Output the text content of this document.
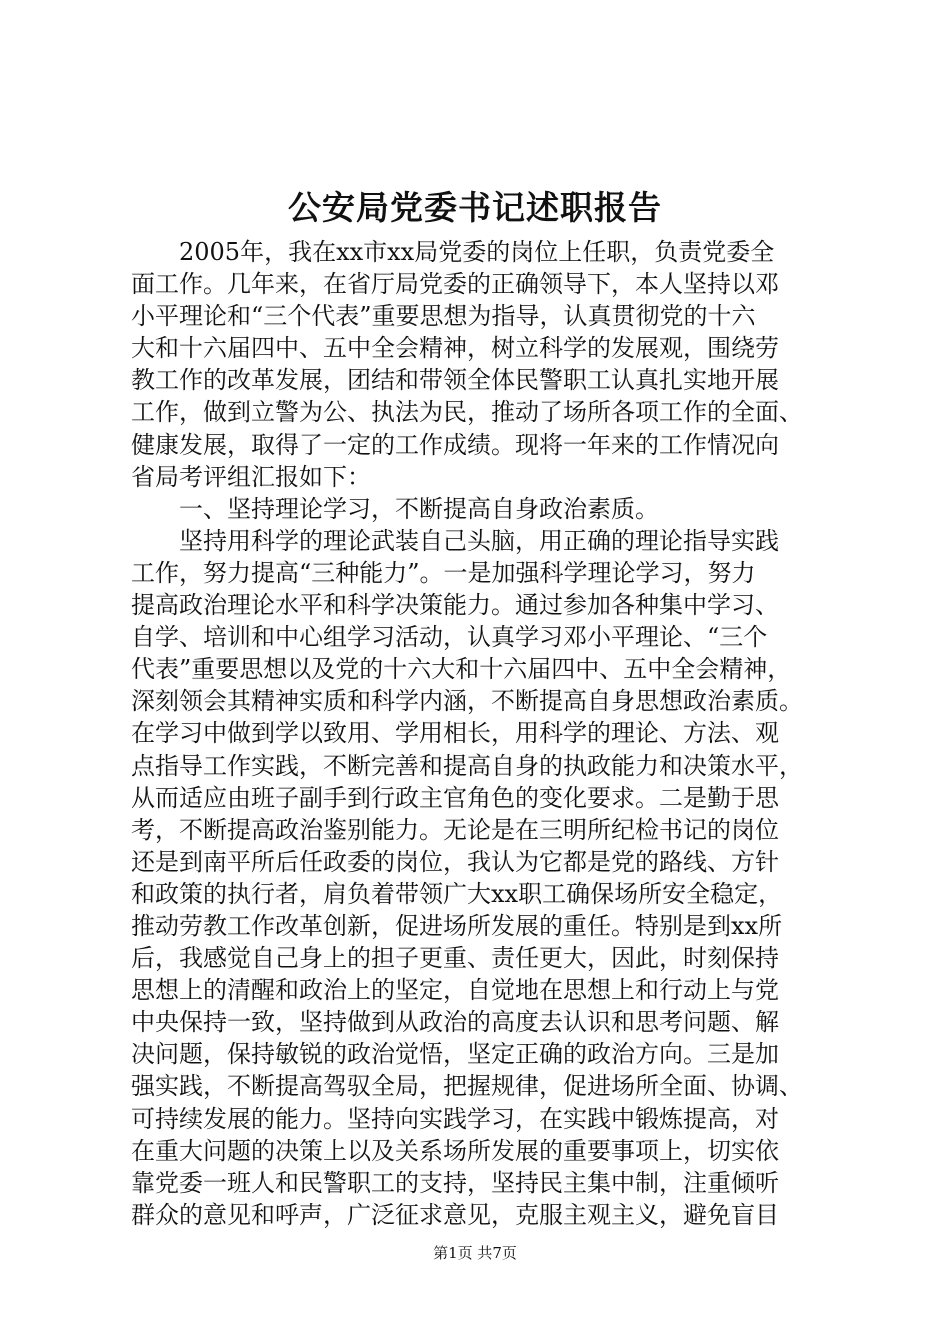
公安局党委书记述职报告
2005年，我在xx市xx局党委的岗位上任职，负责党委全
面工作。几年来，在省厅局党委的正确领导下，本人坚持以邓
小平理论和“三个代表”重要思想为指导，认真贯彻党的十六
大和十六届四中、五中全会精神，树立科学的发展观，围绕劳
教工作的改革发展，团结和带领全体民警职工认真扎实地开展
工作，做到立警为公、执法为民，推动了场所各项工作的全面、
健康发展，取得了一定的工作成绩。现将一年来的工作情况向
省局考评组汇报如下：
一、坚持理论学习，不断提高自身政治素质。
坚持用科学的理论武装自己头脑，用正确的理论指导实践
工作，努力提高“三种能力”。一是加强科学理论学习，努力
提高政治理论水平和科学决策能力。通过参加各种集中学习、
自学、培训和中心组学习活动，认真学习邓小平理论、“三个
代表”重要思想以及党的十六大和十六届四中、五中全会精神，
深刻领会其精神实质和科学内涵，不断提高自身思想政治素质。
在学习中做到学以致用、学用相长，用科学的理论、方法、观
点指导工作实践，不断完善和提高自身的执政能力和决策水平，
从而适应由班子副手到行政主官角色的变化要求。二是勤于思
考，不断提高政治鉴别能力。无论是在三明所纪检书记的岗位
还是到南平所后任政委的岗位，我认为它都是党的路线、方针
和政策的执行者，肩负着带领广大xx职工确保场所安全稳定，
推动劳教工作改革创新，促进场所发展的重任。特别是到xx所
后，我感觉自己身上的担子更重、责任更大，因此，时刻保持
思想上的清醒和政治上的坚定，自觉地在思想上和行动上与党
中央保持一致，坚持做到从政治的高度去认识和思考问题、解
决问题，保持敏锐的政治觉悟，坚定正确的政治方向。三是加
强实践，不断提高驾驭全局，把握规律，促进场所全面、协调、
可持续发展的能力。坚持向实践学习，在实践中锻炼提高，对
在重大问题的决策上以及关系场所发展的重要事项上，切实依
靠党委一班人和民警职工的支持，坚持民主集中制，注重倾听
群众的意见和呼声，广泛征求意见，克服主观主义，避免盲目
第1页 共7页
